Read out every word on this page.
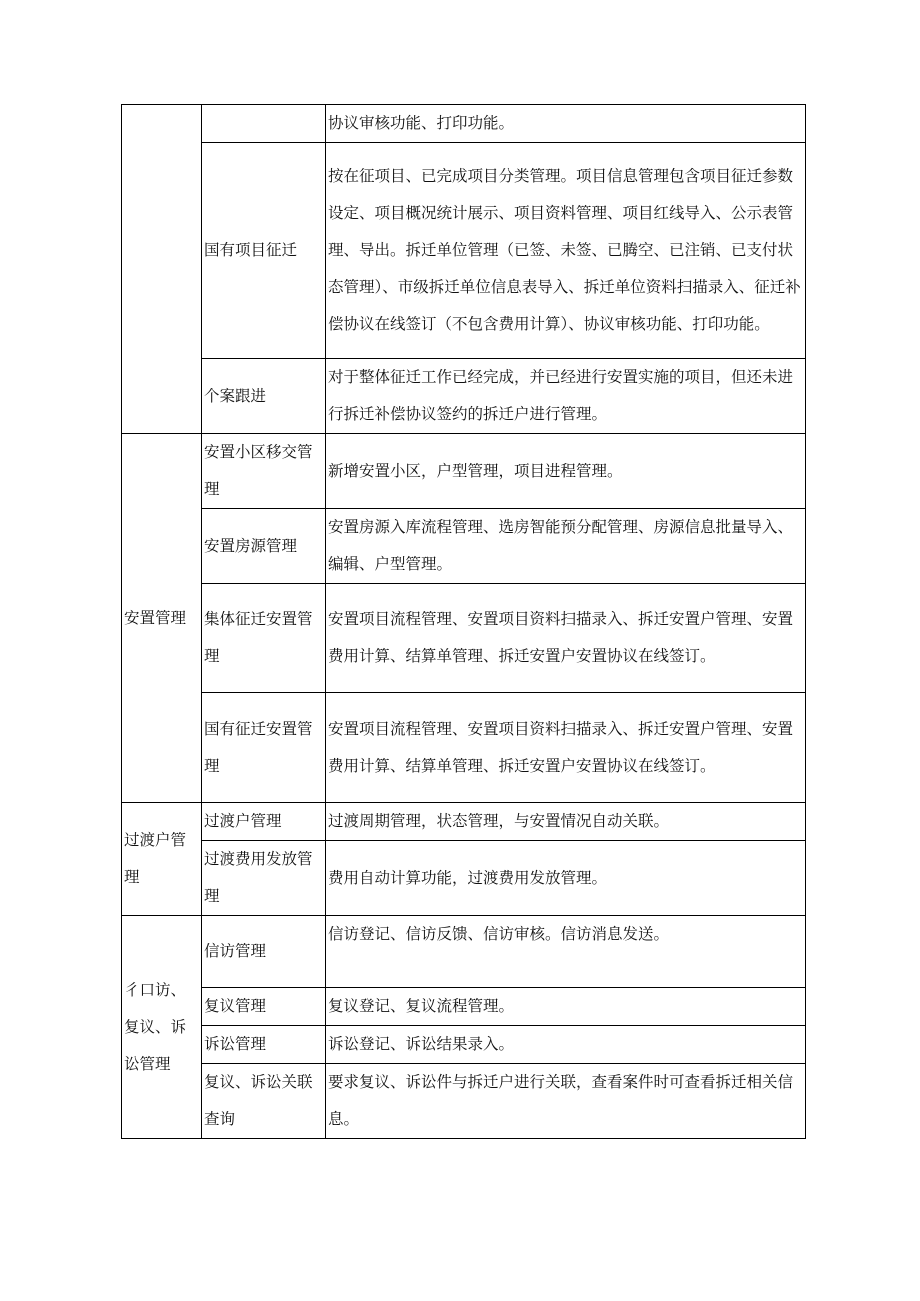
		协议审核功能、打印功能。

	国有项目征迁	按在征项目、已完成项目分类管理。项目信息管理包含项目征迁参数设定、项目概况统计展示、项目资料管理、项目红线导入、公示表管理、导出。拆迁单位管理（已签、未签、已腾空、已注销、已支付状态管理）、市级拆迁单位信息表导入、拆迁单位资料扫描录入、征迁补偿协议在线签订（不包含费用计算）、协议审核功能、打印功能。

	个案跟进	对于整体征迁工作已经完成，并已经进行安置实施的项目，但还未进行拆迁补偿协议签约的拆迁户进行管理。

安置管理	安置小区移交管理	新增安置小区，户型管理，项目进程管理。

	安置房源管理	安置房源入库流程管理、选房智能预分配管理、房源信息批量导入、编辑、户型管理。

	集体征迁安置管理	安置项目流程管理、安置项目资料扫描录入、拆迁安置户管理、安置费用计算、结算单管理、拆迁安置户安置协议在线签订。

	国有征迁安置管理	安置项目流程管理、安置项目资料扫描录入、拆迁安置户管理、安置费用计算、结算单管理、拆迁安置户安置协议在线签订。

过渡户管理	过渡户管理	过渡周期管理，状态管理，与安置情况自动关联。

	过渡费用发放管理	费用自动计算功能，过渡费用发放管理。

彳口访、复议、诉讼管理	信访管理	信访登记、信访反馈、信访审核。信访消息发送。

	复议管理	复议登记、复议流程管理。

	诉讼管理	诉讼登记、诉讼结果录入。

	复议、诉讼关联查询	要求复议、诉讼件与拆迁户进行关联，查看案件时可查看拆迁相关信息。
